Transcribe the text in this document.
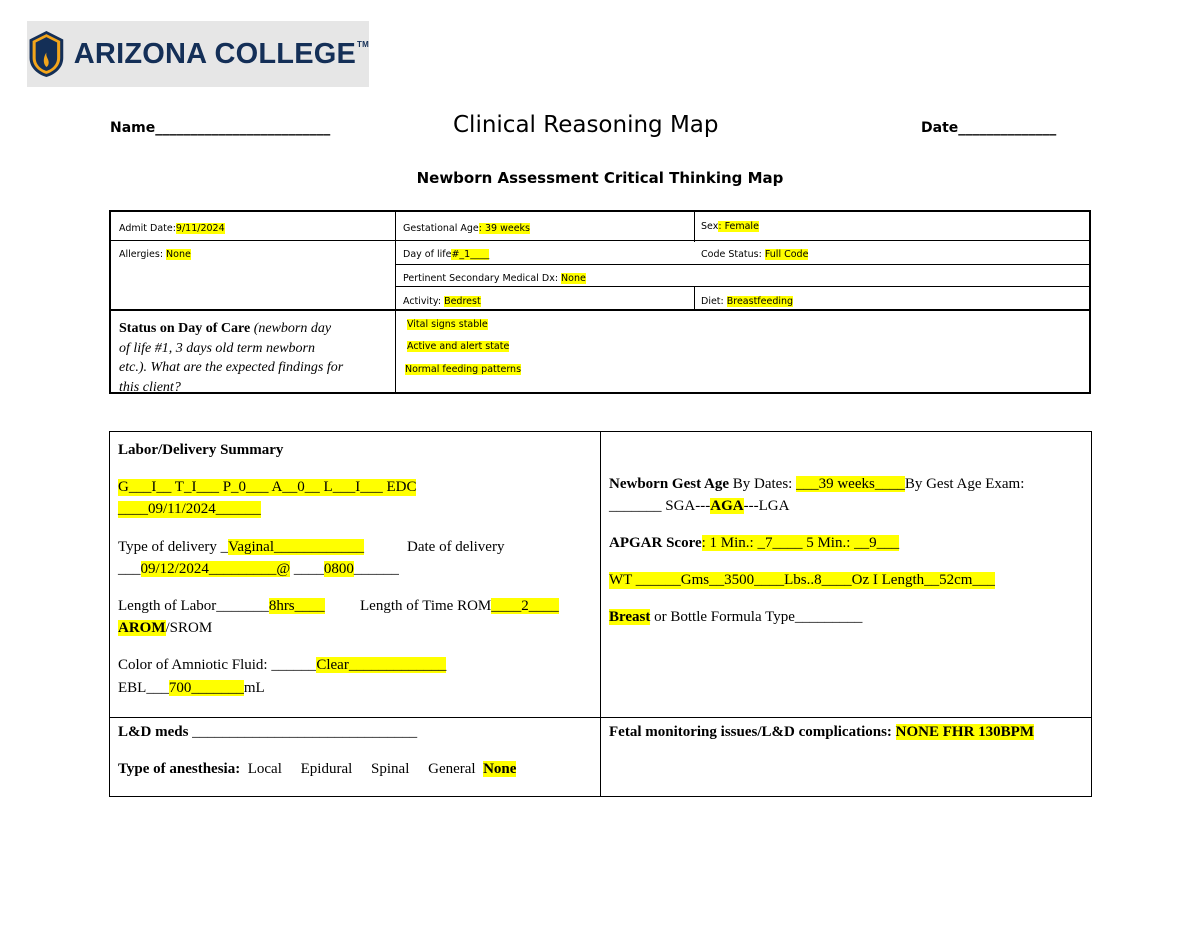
ARIZONA COLLEGE™
Name_________________________	Clinical Reasoning Map	Date______________
Newborn Assessment Critical Thinking Map
Admit Date:9/11/2024	Gestational Age: 39 weeks	Sex: Female
Allergies: None	Day of life#_1____	Code Status: Full Code
Pertinent Secondary Medical Dx: None
Activity: Bedrest	Diet: Breastfeeding
Status on Day of Care (newborn day
of life #1, 3 days old term newborn
etc.). What are the expected findings for
this client?
Vital signs stable
Active and alert state
Normal feeding patterns
Labor/Delivery Summary
G___I__ T_I___ P_0___ A__0__ L___I___ EDC
____09/11/2024______
Type of delivery _Vaginal____________	Date of delivery
___09/12/2024_________@ ____0800______
Length of Labor_______8hrs____ Length of Time ROM____2____
AROM/SROM
Color of Amniotic Fluid: ______Clear_____________
EBL___700_______mL
Newborn Gest Age By Dates: ___39 weeks____By Gest Age Exam:
_______ SGA---AGA---LGA
APGAR Score: 1 Min.: _7____ 5 Min.: __9___
WT ______Gms__3500____Lbs..8____Oz I Length__52cm___
Breast or Bottle Formula Type_________
L&D meds ______________________________
Type of anesthesia:  Local     Epidural     Spinal     General  None
Fetal monitoring issues/L&D complications: NONE FHR 130BPM
